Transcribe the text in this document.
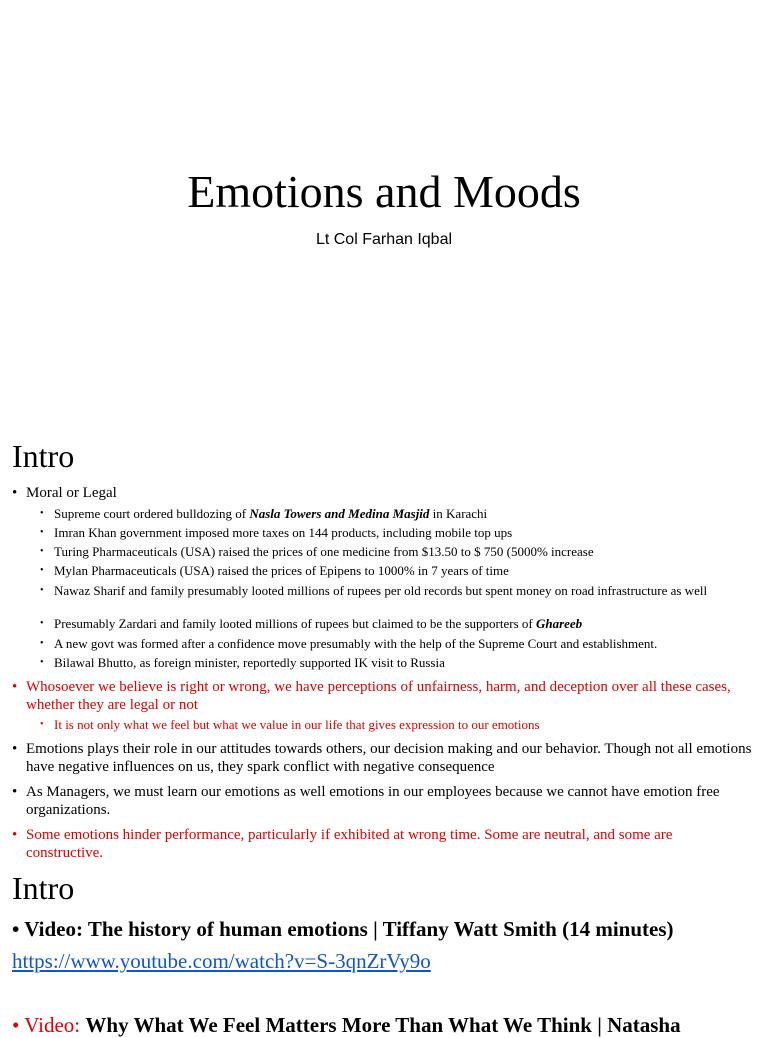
Emotions and Moods
Lt Col Farhan Iqbal
Intro
• Moral or Legal
• Supreme court ordered bulldozing of Nasla Towers and Medina Masjid in Karachi
• Imran Khan government imposed more taxes on 144 products, including mobile top ups
• Turing Pharmaceuticals (USA) raised the prices of one medicine from $13.50 to $ 750 (5000% increase
• Mylan Pharmaceuticals (USA) raised the prices of Epipens to 1000% in 7 years of time
• Nawaz Sharif and family presumably looted millions of rupees per old records but spent money on road infrastructure as well
• Presumably Zardari and family looted millions of rupees but claimed to be the supporters of Ghareeb
• A new govt was formed after a confidence move presumably with the help of the Supreme Court and establishment.
• Bilawal Bhutto, as foreign minister, reportedly supported IK visit to Russia
• Whosoever we believe is right or wrong, we have perceptions of unfairness, harm, and deception over all these cases, whether they are legal or not
• It is not only what we feel but what we value in our life that gives expression to our emotions
• Emotions plays their role in our attitudes towards others, our decision making and our behavior. Though not all emotions have negative influences on us, they spark conflict with negative consequence
• As Managers, we must learn our emotions as well emotions in our employees because we cannot have emotion free organizations.
• Some emotions hinder performance, particularly if exhibited at wrong time. Some are neutral, and some are constructive.
Intro
• Video: The history of human emotions | Tiffany Watt Smith (14 minutes)
https://www.youtube.com/watch?v=S-3qnZrVy9o
• Video: Why What We Feel Matters More Than What We Think | Natasha
